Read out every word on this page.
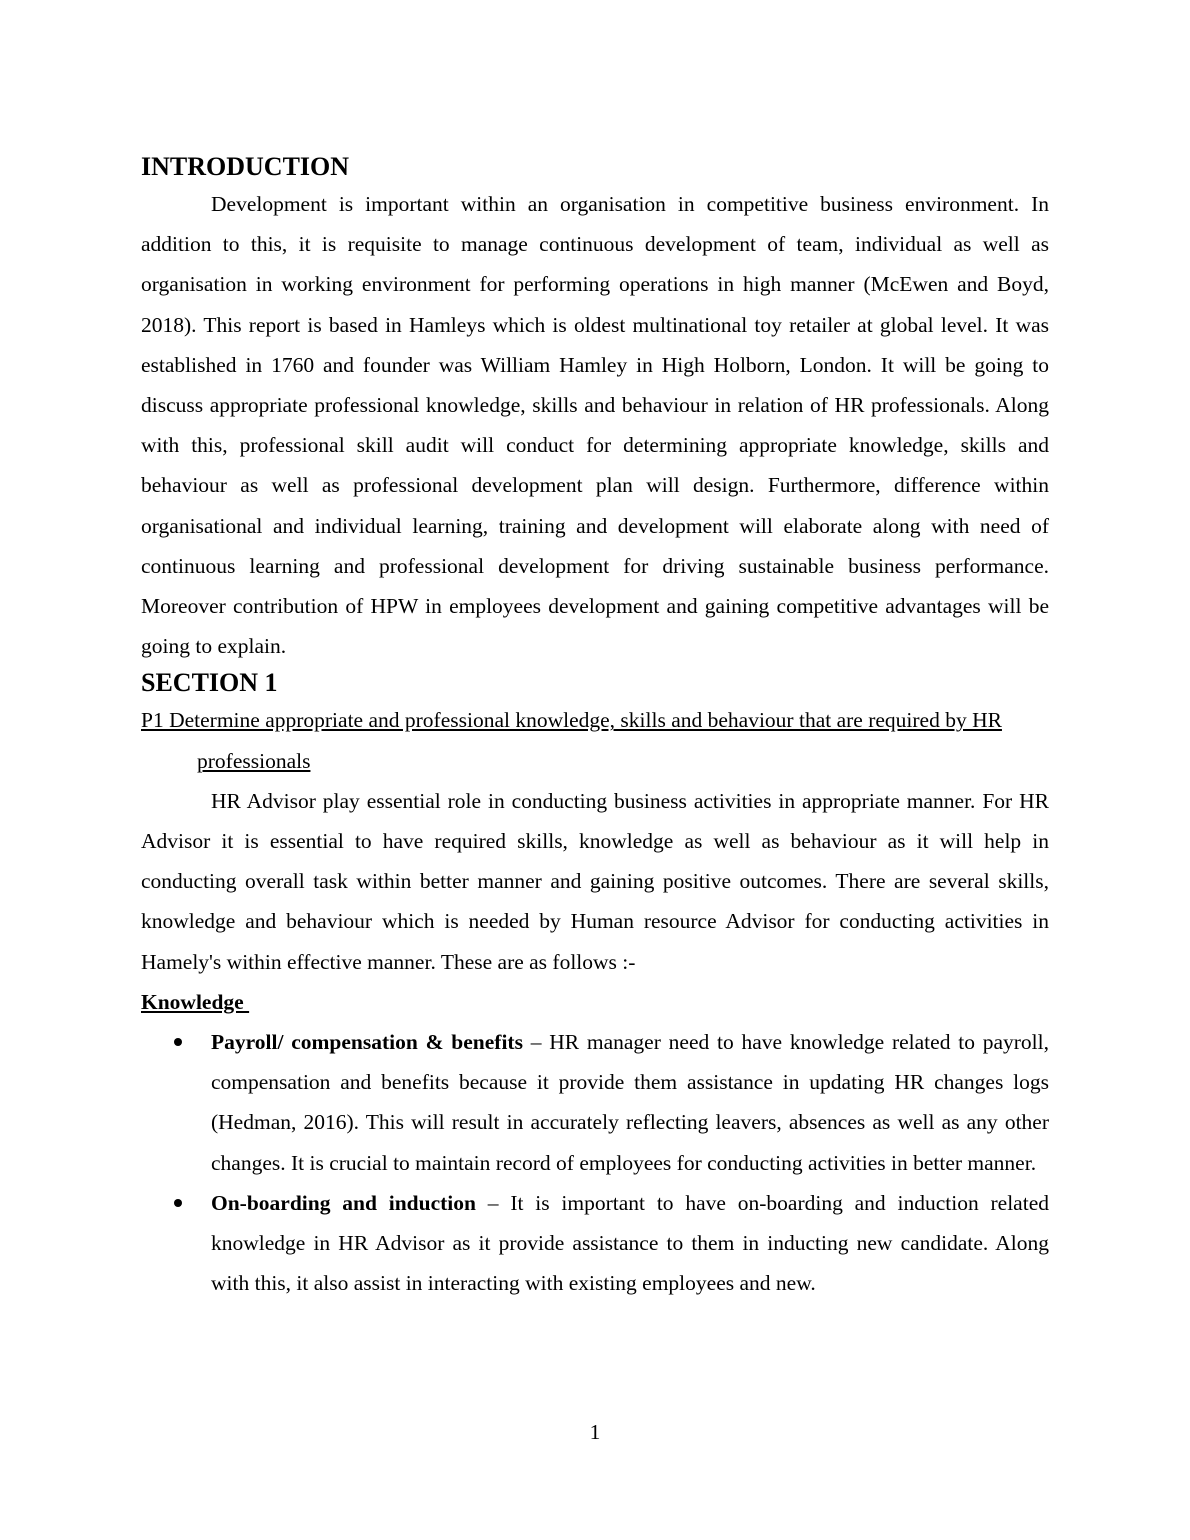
INTRODUCTION

Development is important within an organisation in competitive business environment. In addition to this, it is requisite to manage continuous development of team, individual as well as organisation in working environment for performing operations in high manner (McEwen and Boyd, 2018). This report is based in Hamleys which is oldest multinational toy retailer at global level. It was established in 1760 and founder was William Hamley in High Holborn, London. It will be going to discuss appropriate professional knowledge, skills and behaviour in relation of HR professionals. Along with this, professional skill audit will conduct for determining appropriate knowledge, skills and behaviour as well as professional development plan will design. Furthermore, difference within organisational and individual learning, training and development will elaborate along with need of continuous learning and professional development for driving sustainable business performance. Moreover contribution of HPW in employees development and gaining competitive advantages will be going to explain.

SECTION 1

P1 Determine appropriate and professional knowledge, skills and behaviour that are required by HR professionals

HR Advisor play essential role in conducting business activities in appropriate manner. For HR Advisor it is essential to have required skills, knowledge as well as behaviour as it will help in conducting overall task within better manner and gaining positive outcomes. There are several skills, knowledge and behaviour which is needed by Human resource Advisor for conducting activities in Hamely's within effective manner. These are as follows :-

Knowledge

Payroll/ compensation & benefits – HR manager need to have knowledge related to payroll, compensation and benefits because it provide them assistance in updating HR changes logs (Hedman, 2016). This will result in accurately reflecting leavers, absences as well as any other changes. It is crucial to maintain record of employees for conducting activities in better manner.
On-boarding and induction – It is important to have on-boarding and induction related knowledge in HR Advisor as it provide assistance to them in inducting new candidate. Along with this, it also assist in interacting with existing employees and new.
1
